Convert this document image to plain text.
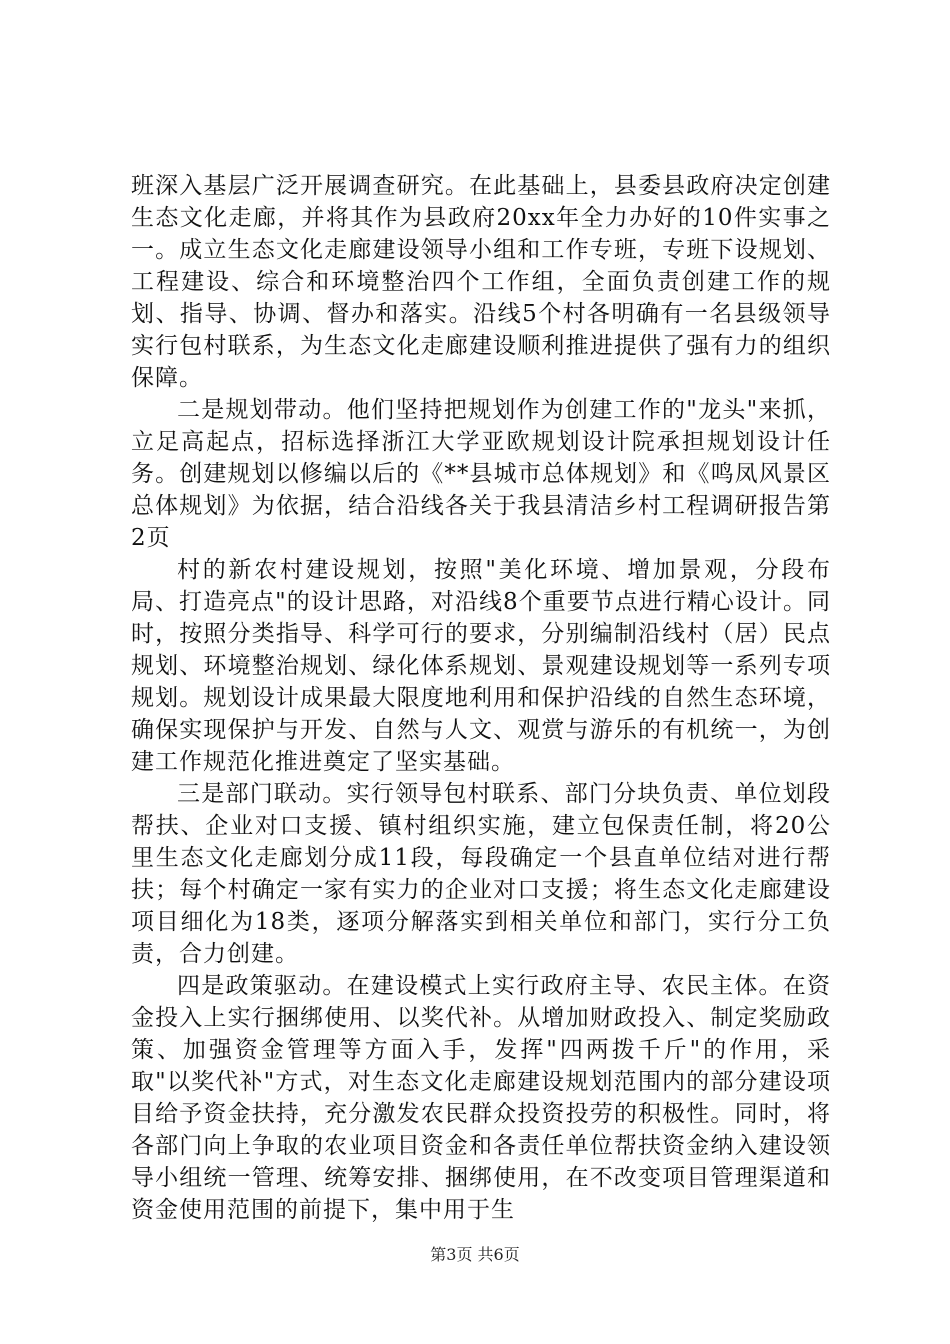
班深入基层广泛开展调查研究。在此基础上，县委县政府决定创建生态文化走廊，并将其作为县政府20xx年全力办好的10件实事之一。成立生态文化走廊建设领导小组和工作专班，专班下设规划、工程建设、综合和环境整治四个工作组，全面负责创建工作的规划、指导、协调、督办和落实。沿线5个村各明确有一名县级领导实行包村联系，为生态文化走廊建设顺利推进提供了强有力的组织保障。

二是规划带动。他们坚持把规划作为创建工作的"龙头"来抓，立足高起点，招标选择浙江大学亚欧规划设计院承担规划设计任务。创建规划以修编以后的《**县城市总体规划》和《鸣凤风景区总体规划》为依据，结合沿线各关于我县清洁乡村工程调研报告第2页

村的新农村建设规划，按照"美化环境、增加景观，分段布局、打造亮点"的设计思路，对沿线8个重要节点进行精心设计。同时，按照分类指导、科学可行的要求，分别编制沿线村（居）民点规划、环境整治规划、绿化体系规划、景观建设规划等一系列专项规划。规划设计成果最大限度地利用和保护沿线的自然生态环境，确保实现保护与开发、自然与人文、观赏与游乐的有机统一，为创建工作规范化推进奠定了坚实基础。

三是部门联动。实行领导包村联系、部门分块负责、单位划段帮扶、企业对口支援、镇村组织实施，建立包保责任制，将20公里生态文化走廊划分成11段，每段确定一个县直单位结对进行帮扶；每个村确定一家有实力的企业对口支援；将生态文化走廊建设项目细化为18类，逐项分解落实到相关单位和部门，实行分工负责，合力创建。

四是政策驱动。在建设模式上实行政府主导、农民主体。在资金投入上实行捆绑使用、以奖代补。从增加财政投入、制定奖励政策、加强资金管理等方面入手，发挥"四两拨千斤"的作用，采取"以奖代补"方式，对生态文化走廊建设规划范围内的部分建设项目给予资金扶持，充分激发农民群众投资投劳的积极性。同时，将各部门向上争取的农业项目资金和各责任单位帮扶资金纳入建设领导小组统一管理、统筹安排、捆绑使用，在不改变项目管理渠道和资金使用范围的前提下，集中用于生

第3页 共6页
